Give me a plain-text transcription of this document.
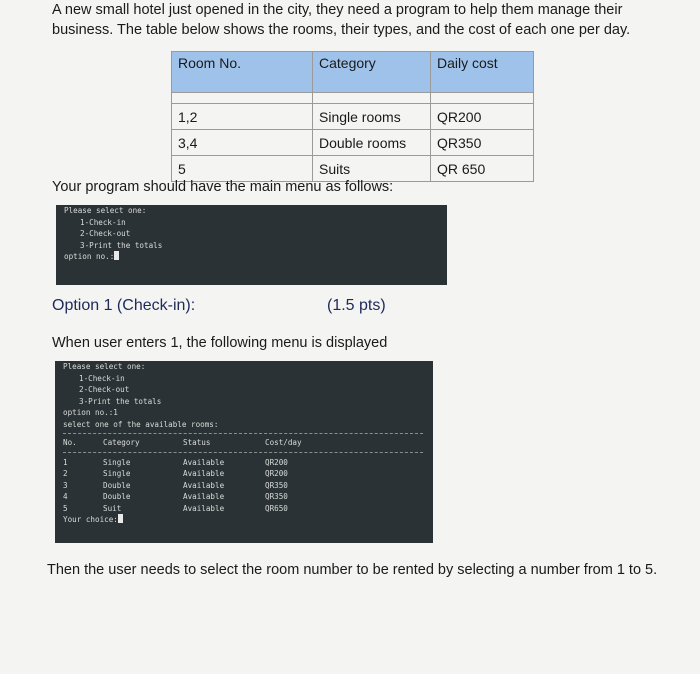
A new small hotel just opened in the city, they need a program to help them manage their business. The table below shows the rooms, their types, and the cost of each one per day.

Room No.	Category	Daily cost

1,2	Single rooms	QR200
3,4	Double rooms	QR350
5	Suits	QR 650

Your program should have the main menu as follows:

Please select one:
1-Check-in
2-Check-out
3-Print the totals
option no.:
Option 1 (Check-in):	(1.5 pts)

When user enters 1, the following menu is displayed

Please select one:
1-Check-in
2-Check-out
3-Print the totals
option no.:1
select one of the available rooms:
No.	Category	Status	Cost/day
1	Single	Available	QR200
2	Single	Available	QR200
3	Double	Available	QR350
4	Double	Available	QR350
5	Suit	Available	QR650
Your choice:

Then the user needs to select the room number to be rented by selecting a number from 1 to 5.
